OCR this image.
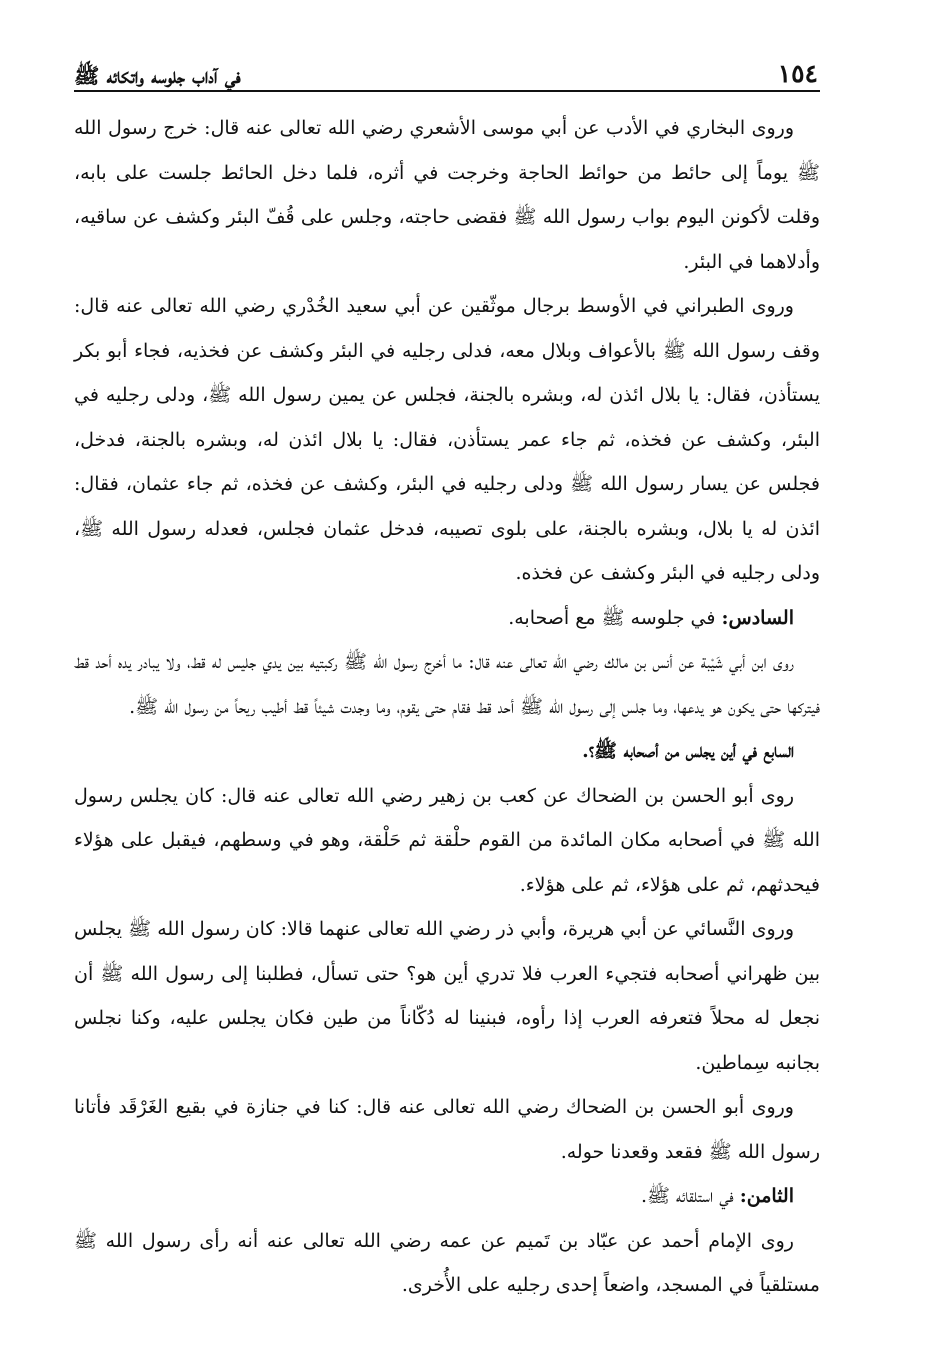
١٥٤
في آداب جلوسه واتكائه ﷺ

وروى البخاري في الأدب عن أبي موسى الأشعري رضي الله تعالى عنه قال: خرج رسول الله ﷺ يوماً إلى حائط من حوائط الحاجة وخرجت في أثره، فلما دخل الحائط جلست على بابه، وقلت لأكونن اليوم بواب رسول الله ﷺ فقضى حاجته، وجلس على قُفّ البئر وكشف عن ساقيه، وأدلاهما في البئر.

وروى الطبراني في الأوسط برجال موثّقين عن أبي سعيد الخُدْري رضي الله تعالى عنه قال: وقف رسول الله ﷺ بالأعواف وبلال معه، فدلى رجليه في البئر وكشف عن فخذيه، فجاء أبو بكر يستأذن، فقال: يا بلال ائذن له، وبشره بالجنة، فجلس عن يمين رسول الله ﷺ، ودلى رجليه في البئر، وكشف عن فخذه، ثم جاء عمر يستأذن، فقال: يا بلال ائذن له، وبشره بالجنة، فدخل، فجلس عن يسار رسول الله ﷺ ودلى رجليه في البئر، وكشف عن فخذه، ثم جاء عثمان، فقال: ائذن له يا بلال، وبشره بالجنة، على بلوى تصيبه، فدخل عثمان فجلس، فعدله رسول الله ﷺ، ودلى رجليه في البئر وكشف عن فخذه.

السادس: في جلوسه ﷺ مع أصحابه.

روى ابن أبي شَيْبة عن أنس بن مالك رضي الله تعالى عنه قال: ما أخرج رسول الله ﷺ ركبتيه بين يدي جليس له قط، ولا يبادر يده أحد قط فيتركها حتى يكون هو يدعها، وما جلس إلى رسول الله ﷺ أحد قط فقام حتى يقوم، وما وجدت شيئاً قط أطيب ريحاً من رسول الله ﷺ.

السابع في أين يجلس من أصحابه ﷺ؟.

روى أبو الحسن بن الضحاك عن كعب بن زهير رضي الله تعالى عنه قال: كان يجلس رسول الله ﷺ في أصحابه مكان المائدة من القوم حلْقة ثم حَلْقة، وهو في وسطهم، فيقبل على هؤلاء فيحدثهم، ثم على هؤلاء، ثم على هؤلاء.

وروى النَّسائي عن أبي هريرة، وأبي ذر رضي الله تعالى عنهما قالا: كان رسول الله ﷺ يجلس بين ظهراني أصحابه فتجيء العرب فلا تدري أين هو؟ حتى تسأل، فطلبنا إلى رسول الله ﷺ أن نجعل له محلاً فتعرفه العرب إذا رأوه، فبنينا له دُكّاناً من طين فكان يجلس عليه، وكنا نجلس بجانبه سِماطين.

وروى أبو الحسن بن الضحاك رضي الله تعالى عنه قال: كنا في جنازة في بقيع الغَرْقَد فأتانا رسول الله ﷺ فقعد وقعدنا حوله.

الثامن: في استلقائه ﷺ.

روى الإمام أحمد عن عبّاد بن تَميم عن عمه رضي الله تعالى عنه أنه رأى رسول الله ﷺ مستلقياً في المسجد، واضعاً إحدى رجليه على الأُخرى.
